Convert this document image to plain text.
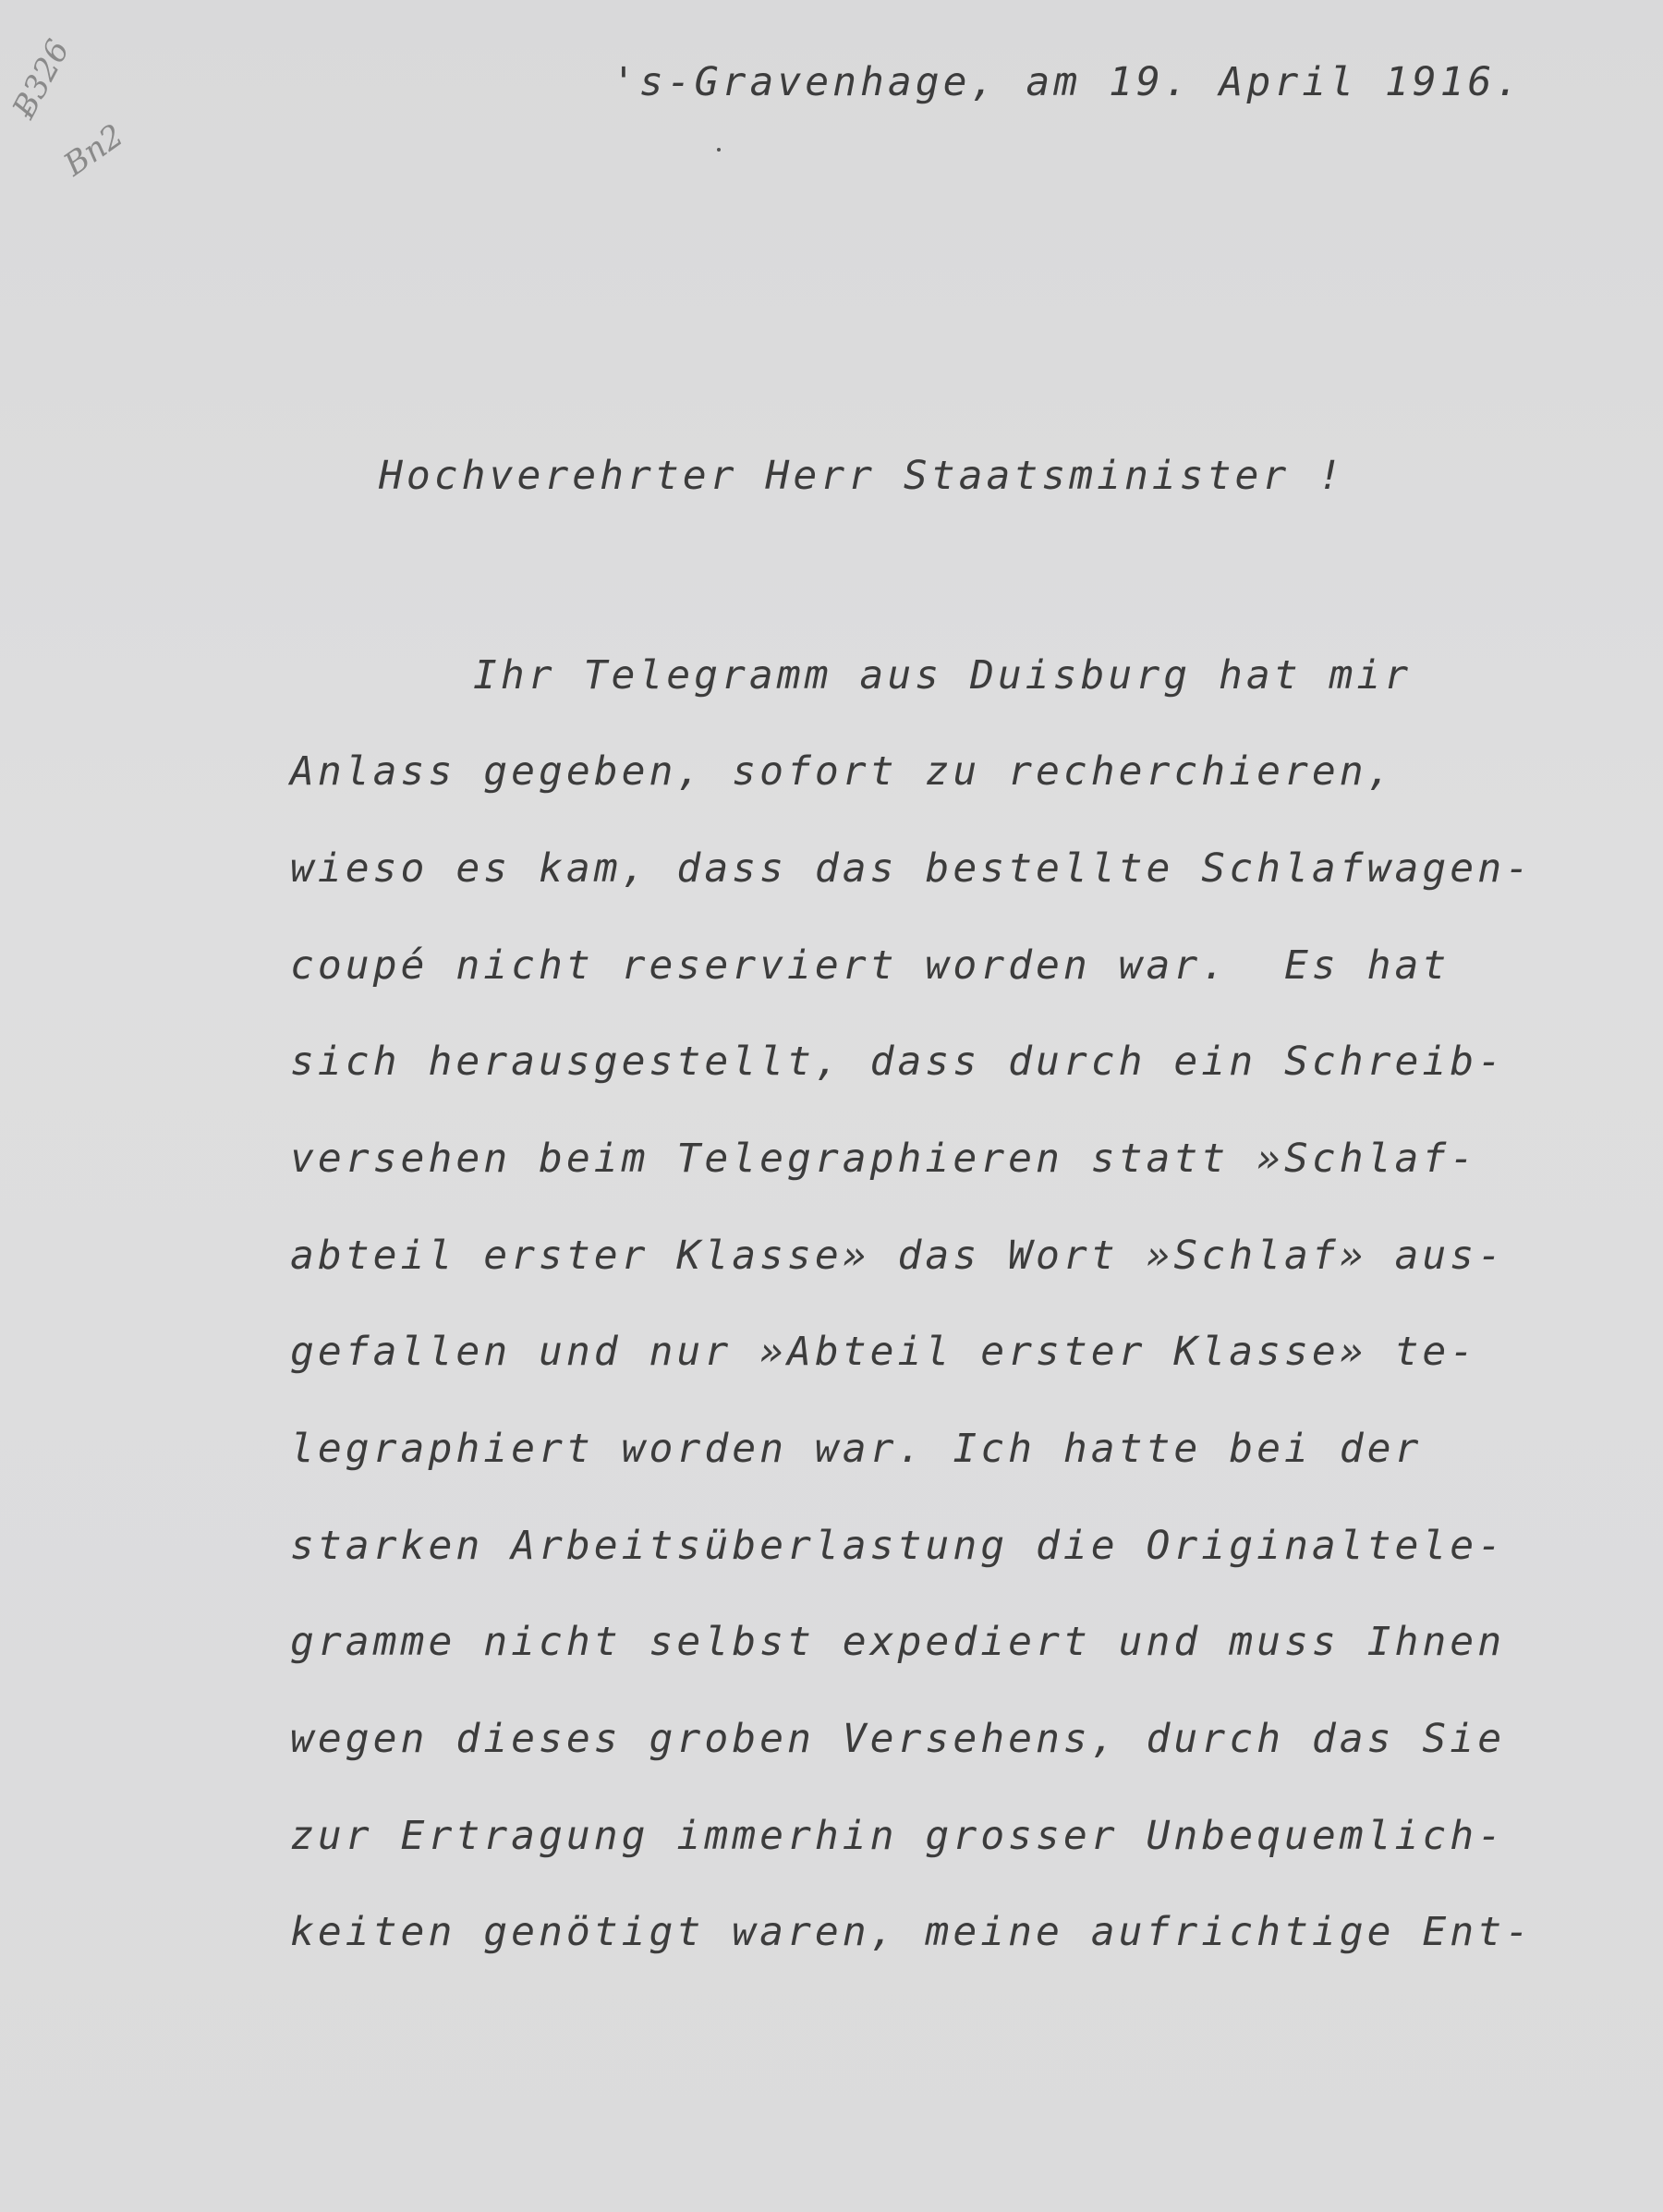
Ƀ326
Bn2
's-Gravenhage, am 19. April 1916.
Hochverehrter Herr Staatsminister !
Ihr Telegramm aus Duisburg hat mir
Anlass gegeben, sofort zu recherchieren,
wieso es kam, dass das bestellte Schlafwagen-
coupé nicht reserviert worden war.  Es hat
sich herausgestellt, dass durch ein Schreib-
versehen beim Telegraphieren statt »Schlaf-
abteil erster Klasse» das Wort »Schlaf» aus-
gefallen und nur »Abteil erster Klasse» te-
legraphiert worden war. Ich hatte bei der
starken Arbeitsüberlastung die Originaltele-
gramme nicht selbst expediert und muss Ihnen
wegen dieses groben Versehens, durch das Sie
zur Ertragung immerhin grosser Unbequemlich-
keiten genötigt waren, meine aufrichtige Ent-
